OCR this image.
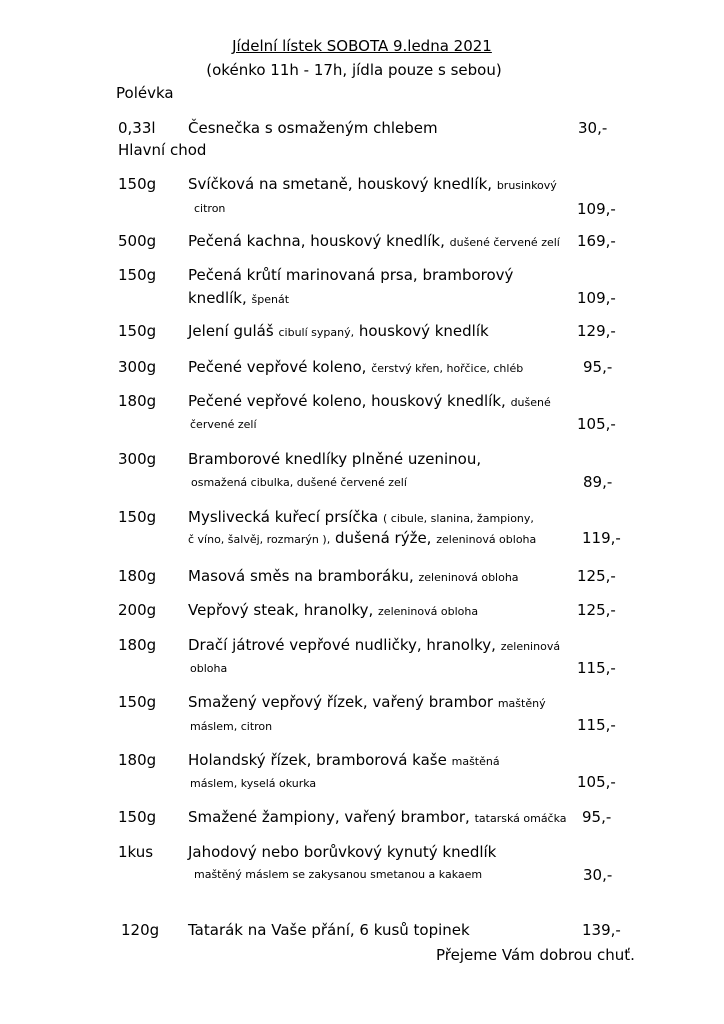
Jídelní lístek SOBOTA 9.ledna 2021
(okénko 11h - 17h, jídla pouze s sebou)
Polévka
0,33l Česnečka s osmaženým chlebem	30,-
Hlavní chod
150g Svíčková na smetaně, houskový knedlík, brusinkový
citron	109,-
500g Pečená kachna, houskový knedlík, dušené červené zelí 169,-
150g Pečená krůtí marinovaná prsa, bramborový
knedlík, špenát	109,-
150g Jelení guláš cibulí sypaný, houskový knedlík	129,-
300g Pečené vepřové koleno, čerstvý křen, hořčice, chléb	95,-
180g Pečené vepřové koleno, houskový knedlík, dušené
červené zelí	105,-
300g Bramborové knedlíky plněné uzeninou,
osmažená cibulka, dušené červené zelí	89,-
150g Myslivecká kuřecí prsíčka ( cibule, slanina, žampiony,
č víno, šalvěj, rozmarýn ), dušená rýže, zeleninová obloha	119,-
180g Masová směs na bramboráku, zeleninová obloha	125,-
200g Vepřový steak, hranolky, zeleninová obloha	125,-
180g Dračí játrové vepřové nudličky, hranolky, zeleninová
obloha	115,-
150g Smažený vepřový řízek, vařený brambor maštěný
máslem, citron	115,-
180g Holandský řízek, bramborová kaše maštěná
máslem, kyselá okurka	105,-
150g Smažené žampiony, vařený brambor, tatarská omáčka 95,-
1kus Jahodový nebo borůvkový kynutý knedlík
maštěný máslem se zakysanou smetanou a kakaem	30,-
120g Tatarák na Vaše přání, 6 kusů topinek	139,-
Přejeme Vám dobrou chuť.
